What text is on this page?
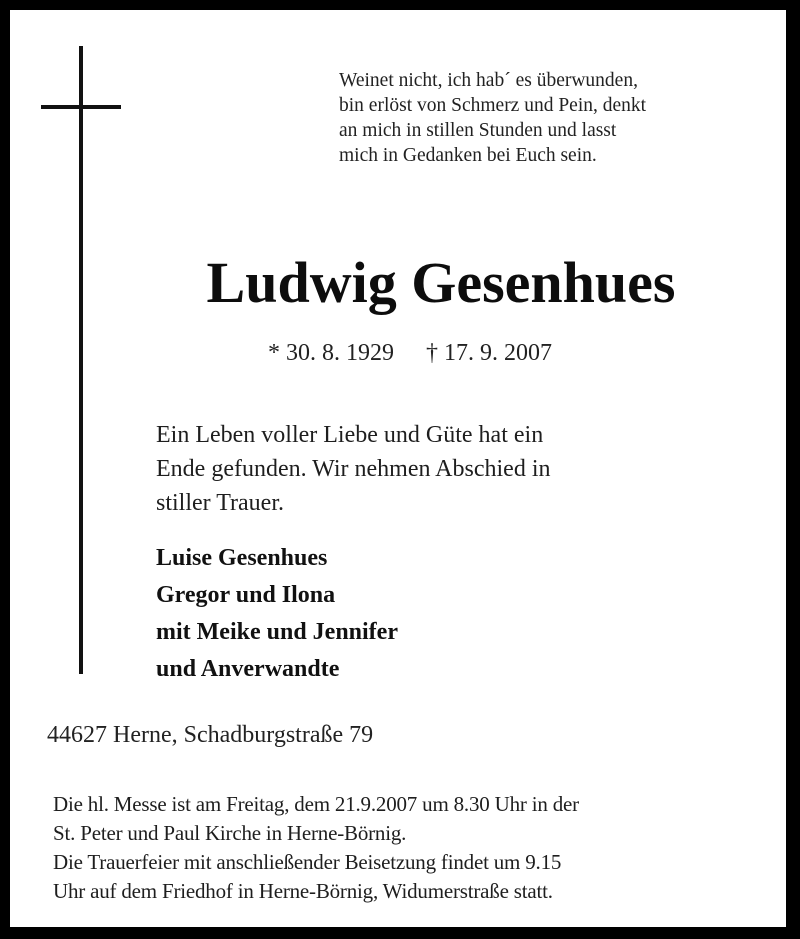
Weinet nicht, ich hab´ es überwunden,
bin erlöst von Schmerz und Pein, denkt
an mich in stillen Stunden und lasst
mich in Gedanken bei Euch sein.
Ludwig Gesenhues
* 30. 8. 1929 † 17. 9. 2007
Ein Leben voller Liebe und Güte hat ein
Ende gefunden. Wir nehmen Abschied in
stiller Trauer.
Luise Gesenhues
Gregor und Ilona
mit Meike und Jennifer
und Anverwandte
44627 Herne, Schadburgstraße 79
Die hl. Messe ist am Freitag, dem 21.9.2007 um 8.30 Uhr in der
St. Peter und Paul Kirche in Herne-Börnig.
Die Trauerfeier mit anschließender Beisetzung findet um 9.15
Uhr auf dem Friedhof in Herne-Börnig, Widumerstraße statt.
